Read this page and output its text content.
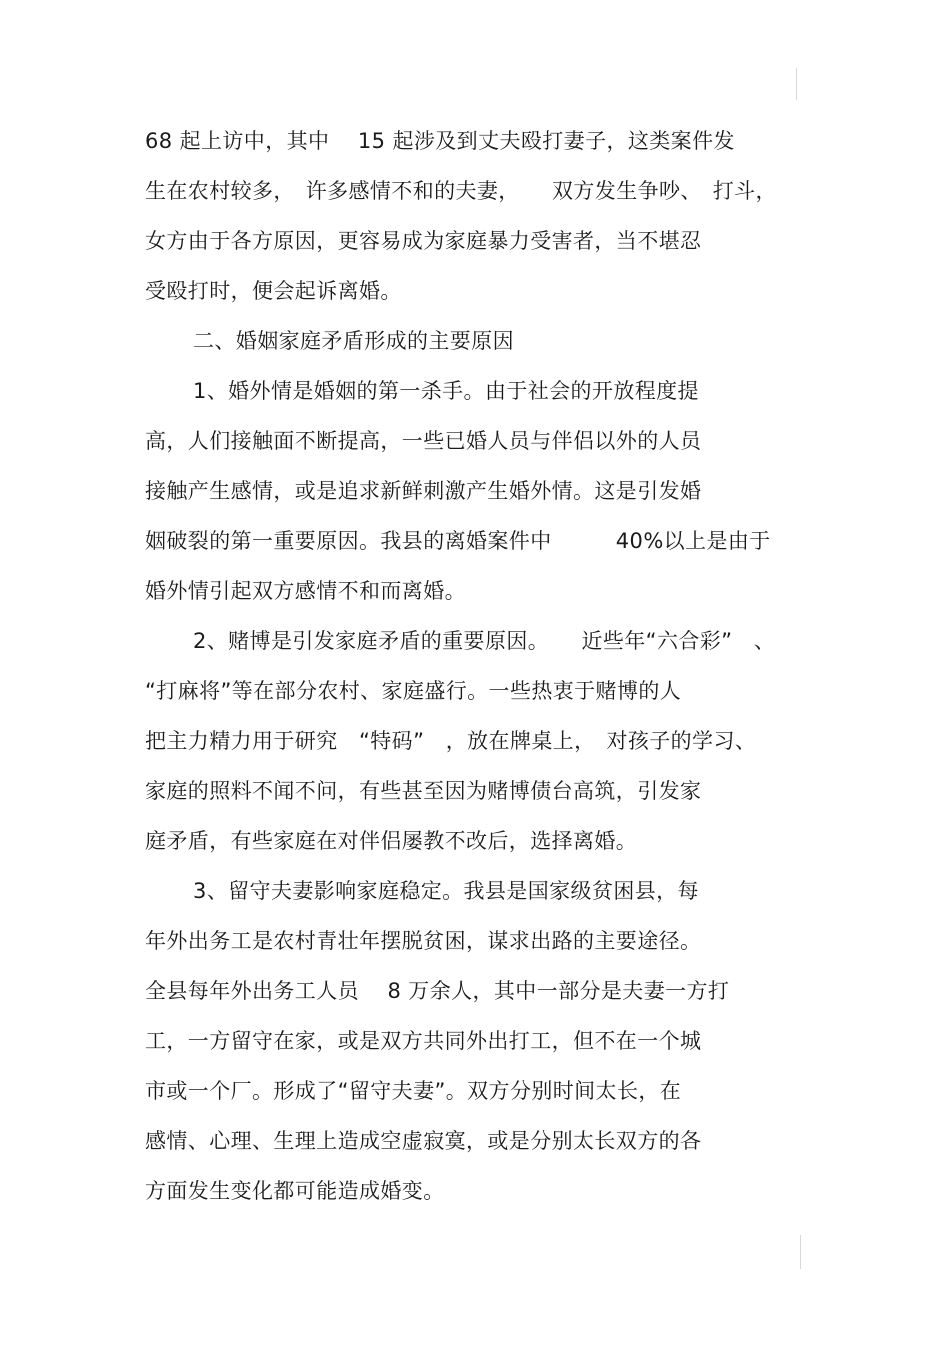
68 起上访中，其中　 15 起涉及到丈夫殴打妻子，这类案件发
生在农村较多，　许多感情不和的夫妻，　　双方发生争吵、　打斗，
女方由于各方原因，更容易成为家庭暴力受害者，当不堪忍
受殴打时，便会起诉离婚。
二、婚姻家庭矛盾形成的主要原因
1、婚外情是婚姻的第一杀手。由于社会的开放程度提
高，人们接触面不断提高，一些已婚人员与伴侣以外的人员
接触产生感情，或是追求新鲜刺激产生婚外情。这是引发婚
姻破裂的第一重要原因。我县的离婚案件中　　　40%以上是由于
婚外情引起双方感情不和而离婚。
2、赌博是引发家庭矛盾的重要原因。　　近些年“六合彩”　、
“打麻将”等在部分农村、家庭盛行。一些热衷于赌博的人
把主力精力用于研究　“特码”　，放在牌桌上，　对孩子的学习、
家庭的照料不闻不问，有些甚至因为赌博债台高筑，引发家
庭矛盾，有些家庭在对伴侣屡教不改后，选择离婚。
3、留守夫妻影响家庭稳定。我县是国家级贫困县，每
年外出务工是农村青壮年摆脱贫困，谋求出路的主要途径。
全县每年外出务工人员　 8 万余人，其中一部分是夫妻一方打
工，一方留守在家，或是双方共同外出打工，但不在一个城
市或一个厂。形成了“留守夫妻”。双方分别时间太长，在
感情、心理、生理上造成空虚寂寞，或是分别太长双方的各
方面发生变化都可能造成婚变。
